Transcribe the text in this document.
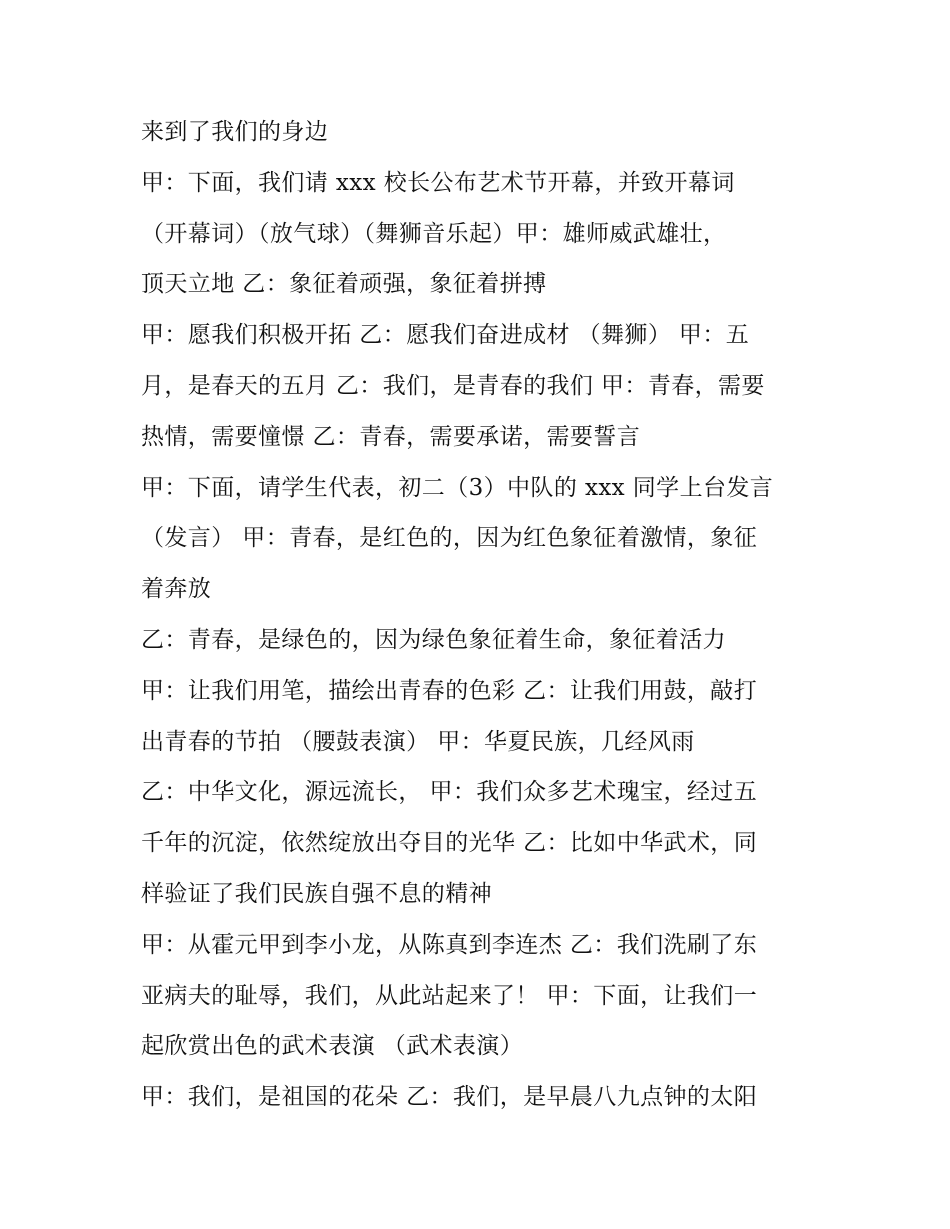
来到了我们的身边
甲：下面，我们请 xxx 校长公布艺术节开幕，并致开幕词
（开幕词）（放气球）（舞狮音乐起）甲：雄师威武雄壮，
顶天立地 乙：象征着顽强，象征着拼搏
甲：愿我们积极开拓 乙：愿我们奋进成材 （舞狮） 甲：五
月，是春天的五月 乙：我们，是青春的我们 甲：青春，需要
热情，需要憧憬 乙：青春，需要承诺，需要誓言
甲：下面，请学生代表，初二（3）中队的 xxx 同学上台发言
（发言） 甲：青春，是红色的，因为红色象征着激情，象征
着奔放
乙：青春，是绿色的，因为绿色象征着生命，象征着活力
甲：让我们用笔，描绘出青春的色彩 乙：让我们用鼓，敲打
出青春的节拍 （腰鼓表演） 甲：华夏民族，几经风雨
乙：中华文化，源远流长， 甲：我们众多艺术瑰宝，经过五
千年的沉淀，依然绽放出夺目的光华 乙：比如中华武术，同
样验证了我们民族自强不息的精神
甲：从霍元甲到李小龙，从陈真到李连杰 乙：我们洗刷了东
亚病夫的耻辱，我们，从此站起来了！ 甲：下面，让我们一
起欣赏出色的武术表演 （武术表演）
甲：我们，是祖国的花朵 乙：我们，是早晨八九点钟的太阳
